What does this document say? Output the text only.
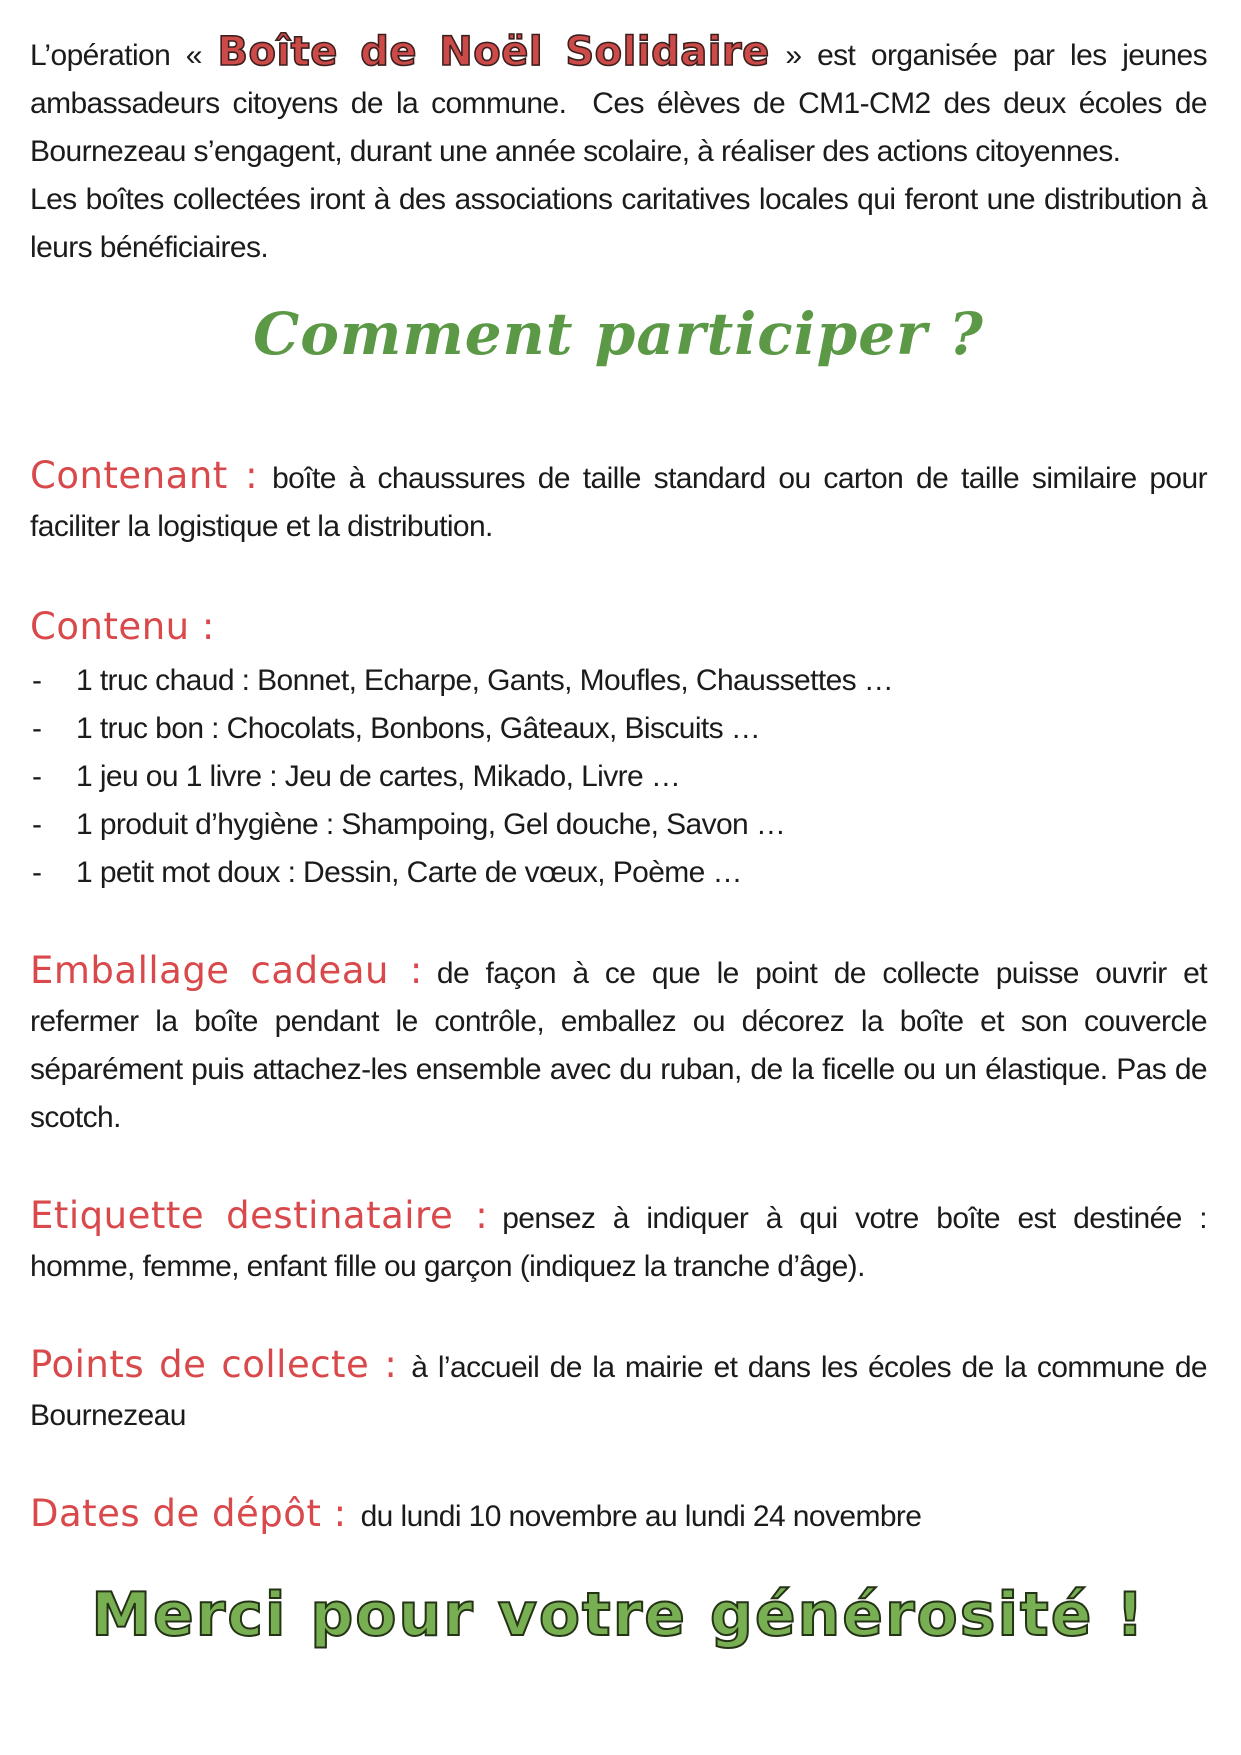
L’opération « Boîte de Noël Solidaire » est organisée par les jeunes ambassadeurs citoyens de la commune.  Ces élèves de CM1-CM2 des deux écoles de Bournezeau s’engagent, durant une année scolaire, à réaliser des actions citoyennes.

Les boîtes collectées iront à des associations caritatives locales qui feront une distribution à leurs bénéficiaires.

Comment participer ?
Contenant : boîte à chaussures de taille standard ou carton de taille similaire pour faciliter la logistique et la distribution.
Contenu :
-	1 truc chaud : Bonnet, Echarpe, Gants, Moufles, Chaussettes …
-	1 truc bon : Chocolats, Bonbons, Gâteaux, Biscuits …
-	1 jeu ou 1 livre : Jeu de cartes, Mikado, Livre …
-	1 produit d’hygiène : Shampoing, Gel douche, Savon …
-	1 petit mot doux : Dessin, Carte de vœux, Poème …
Emballage cadeau : de façon à ce que le point de collecte puisse ouvrir et refermer la boîte pendant le contrôle, emballez ou décorez la boîte et son couvercle séparément puis attachez-les ensemble avec du ruban, de la ficelle ou un élastique. Pas de scotch.
Etiquette destinataire : pensez à indiquer à qui votre boîte est destinée : homme, femme, enfant fille ou garçon (indiquez la tranche d’âge).
Points de collecte : à l’accueil de la mairie et dans les écoles de la commune de Bournezeau
Dates de dépôt : du lundi 10 novembre au lundi 24 novembre
Merci pour votre générosité !
